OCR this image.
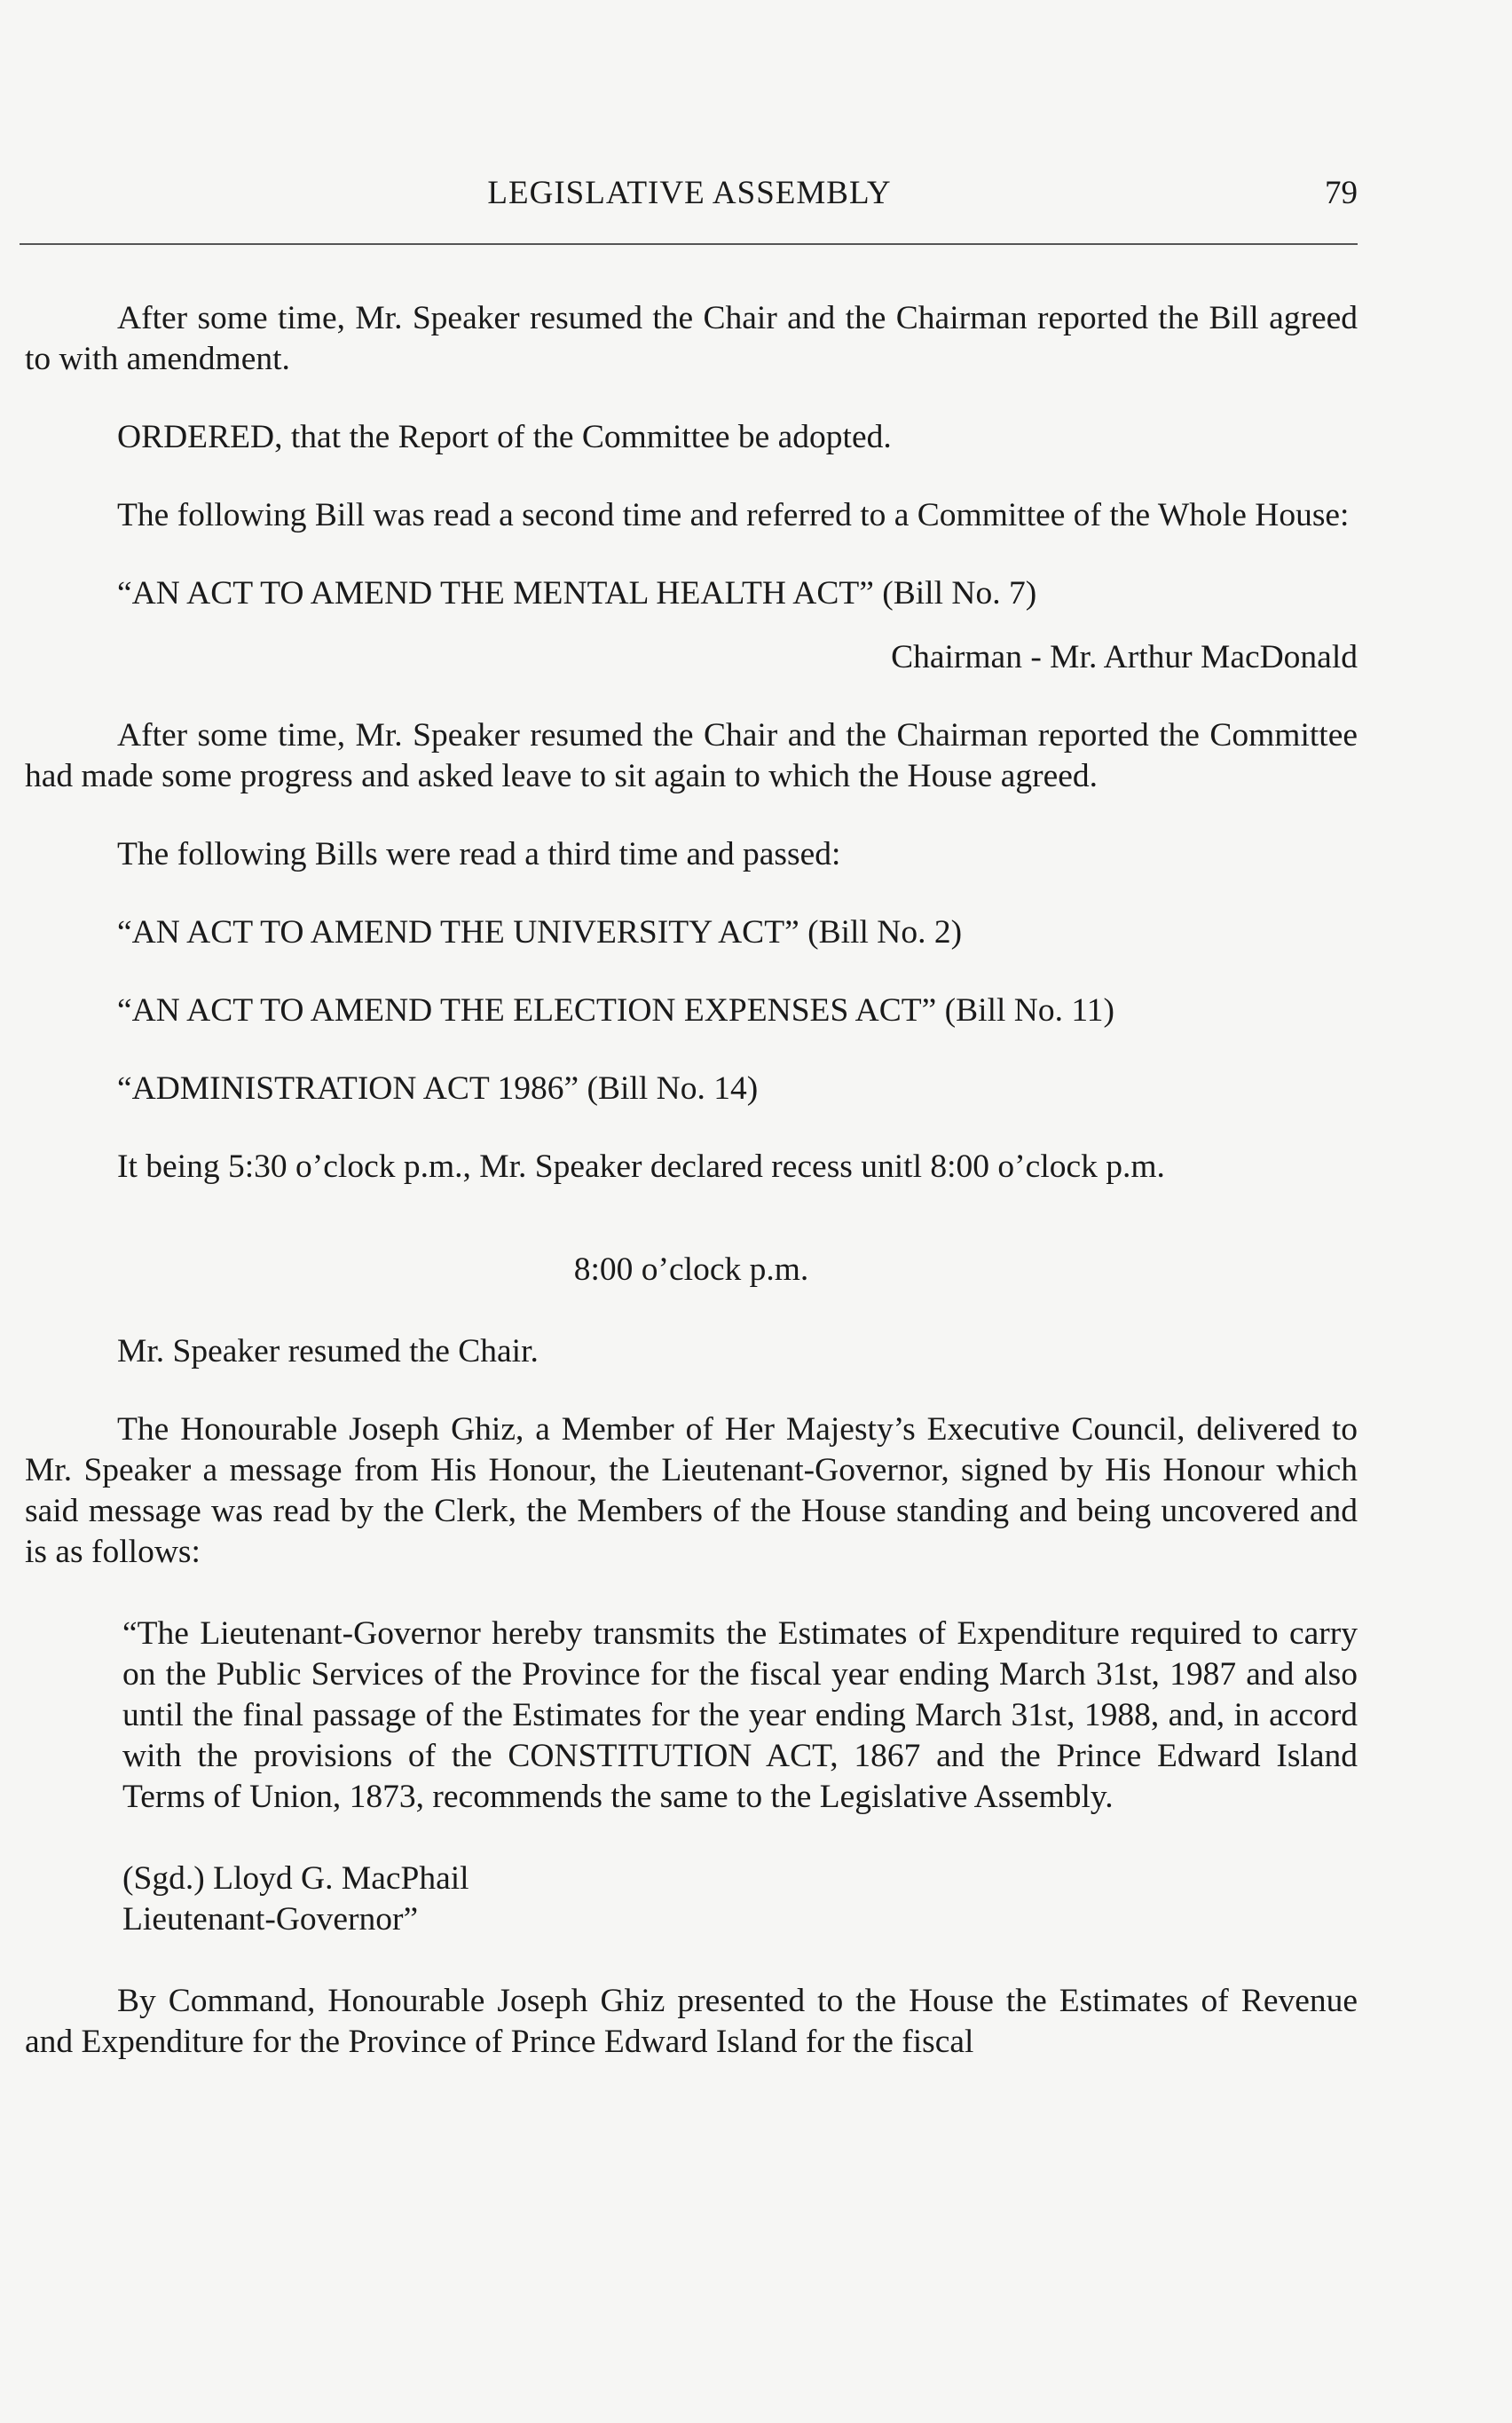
LEGISLATIVE ASSEMBLY	79

After some time, Mr. Speaker resumed the Chair and the Chairman reported the Bill agreed to with amendment.

ORDERED, that the Report of the Committee be adopted.

The following Bill was read a second time and referred to a Committee of the Whole House:

“AN ACT TO AMEND THE MENTAL HEALTH ACT” (Bill No. 7)

Chairman - Mr. Arthur MacDonald

After some time, Mr. Speaker resumed the Chair and the Chairman reported the Committee had made some progress and asked leave to sit again to which the House agreed.

The following Bills were read a third time and passed:

“AN ACT TO AMEND THE UNIVERSITY ACT” (Bill No. 2)

“AN ACT TO AMEND THE ELECTION EXPENSES ACT” (Bill No. 11)

“ADMINISTRATION ACT 1986” (Bill No. 14)

It being 5:30 o’clock p.m., Mr. Speaker declared recess unitl 8:00 o’clock p.m.

8:00 o’clock p.m.

Mr. Speaker resumed the Chair.

The Honourable Joseph Ghiz, a Member of Her Majesty’s Executive Council, delivered to Mr. Speaker a message from His Honour, the Lieutenant-Governor, signed by His Honour which said message was read by the Clerk, the Members of the House standing and being uncovered and is as follows:

“The Lieutenant-Governor hereby transmits the Estimates of Expenditure required to carry on the Public Services of the Province for the fiscal year ending March 31st, 1987 and also until the final passage of the Estimates for the year ending March 31st, 1988, and, in accord with the provisions of the CONSTITUTION ACT, 1867 and the Prince Edward Island Terms of Union, 1873, recommends the same to the Legislative Assembly.

(Sgd.) Lloyd G. MacPhail

Lieutenant-Governor”

By Command, Honourable Joseph Ghiz presented to the House the Estimates of Revenue and Expenditure for the Province of Prince Edward Island for the fiscal
